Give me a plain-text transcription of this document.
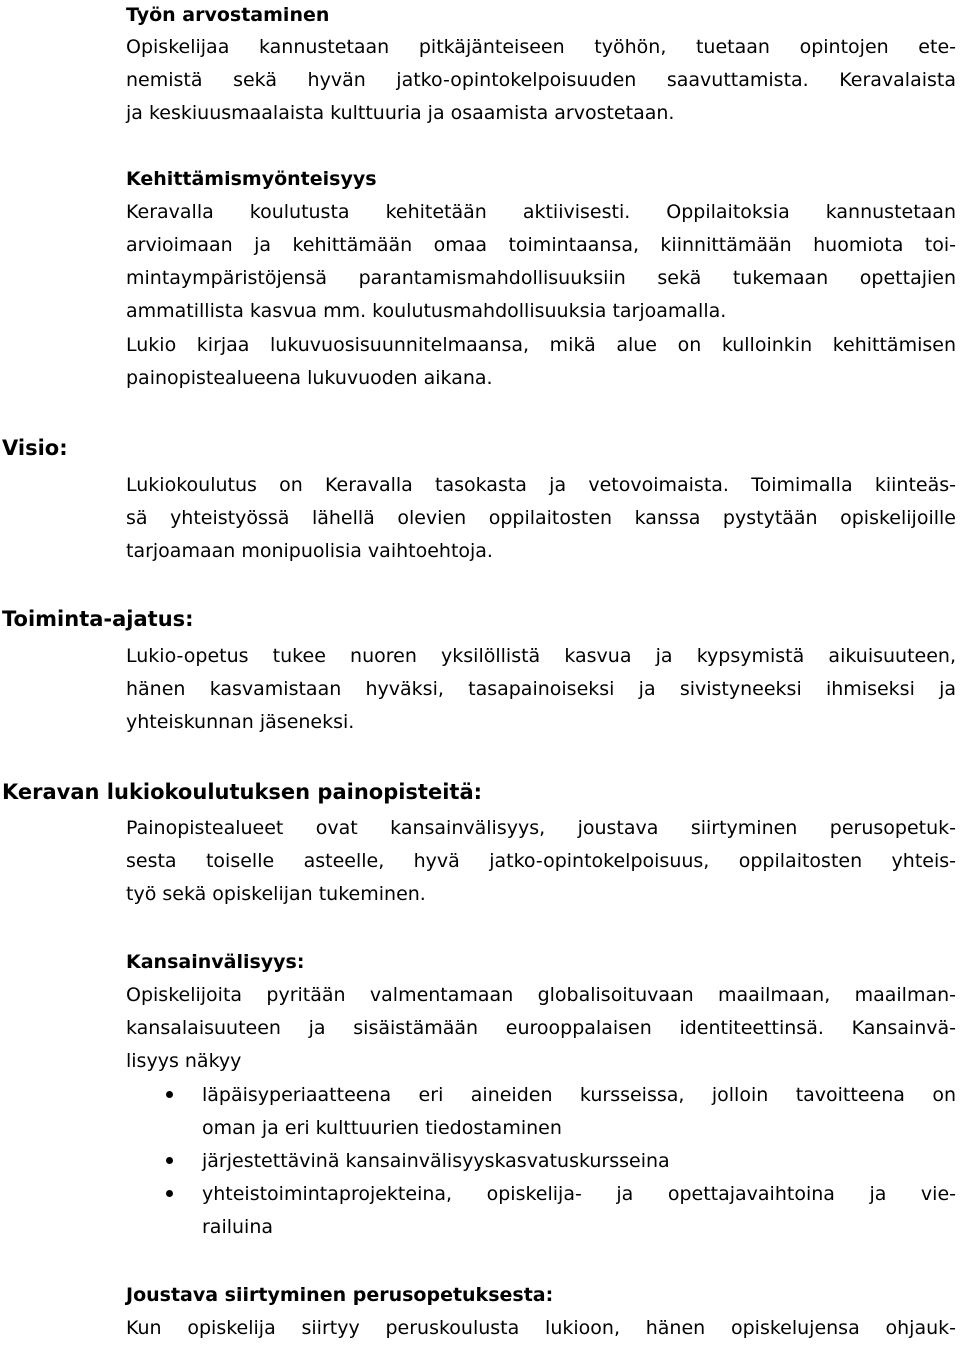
Työn arvostaminen
Opiskelijaa kannustetaan pitkäjänteiseen työhön, tuetaan opintojen ete-
nemistä sekä hyvän jatko-opintokelpoisuuden saavuttamista. Keravalaista
ja keskiuusmaalaista kulttuuria ja osaamista arvostetaan.
Kehittämismyönteisyys
Keravalla koulutusta kehitetään aktiivisesti. Oppilaitoksia kannustetaan
arvioimaan ja kehittämään omaa toimintaansa, kiinnittämään huomiota toi-
mintaympäristöjensä parantamismahdollisuuksiin sekä tukemaan opettajien
ammatillista kasvua mm. koulutusmahdollisuuksia tarjoamalla.
Lukio kirjaa lukuvuosisuunnitelmaansa, mikä alue on kulloinkin kehittämisen
painopistealueena lukuvuoden aikana.
Visio:
Lukiokoulutus on Keravalla tasokasta ja vetovoimaista. Toimimalla kiinteäs-
sä yhteistyössä lähellä olevien oppilaitosten kanssa pystytään opiskelijoille
tarjoamaan monipuolisia vaihtoehtoja.
Toiminta-ajatus:
Lukio-opetus tukee nuoren yksilöllistä kasvua ja kypsymistä aikuisuuteen,
hänen kasvamistaan hyväksi, tasapainoiseksi ja sivistyneeksi ihmiseksi ja
yhteiskunnan jäseneksi.
Keravan lukiokoulutuksen painopisteitä:
Painopistealueet ovat kansainvälisyys, joustava siirtyminen perusopetuk-
sesta toiselle asteelle, hyvä jatko-opintokelpoisuus, oppilaitosten yhteis-
työ sekä opiskelijan tukeminen.
Kansainvälisyys:
Opiskelijoita pyritään valmentamaan globalisoituvaan maailmaan, maailman-
kansalaisuuteen ja sisäistämään eurooppalaisen identiteettinsä. Kansainvä-
lisyys näkyy
läpäisyperiaatteena eri aineiden kursseissa, jolloin tavoitteena on
oman ja eri kulttuurien tiedostaminen
järjestettävinä kansainvälisyyskasvatuskursseina
yhteistoimintaprojekteina, opiskelija- ja opettajavaihtoina ja vie-
railuina
Joustava siirtyminen perusopetuksesta:
Kun opiskelija siirtyy peruskoulusta lukioon, hänen opiskelujensa ohjauk-
